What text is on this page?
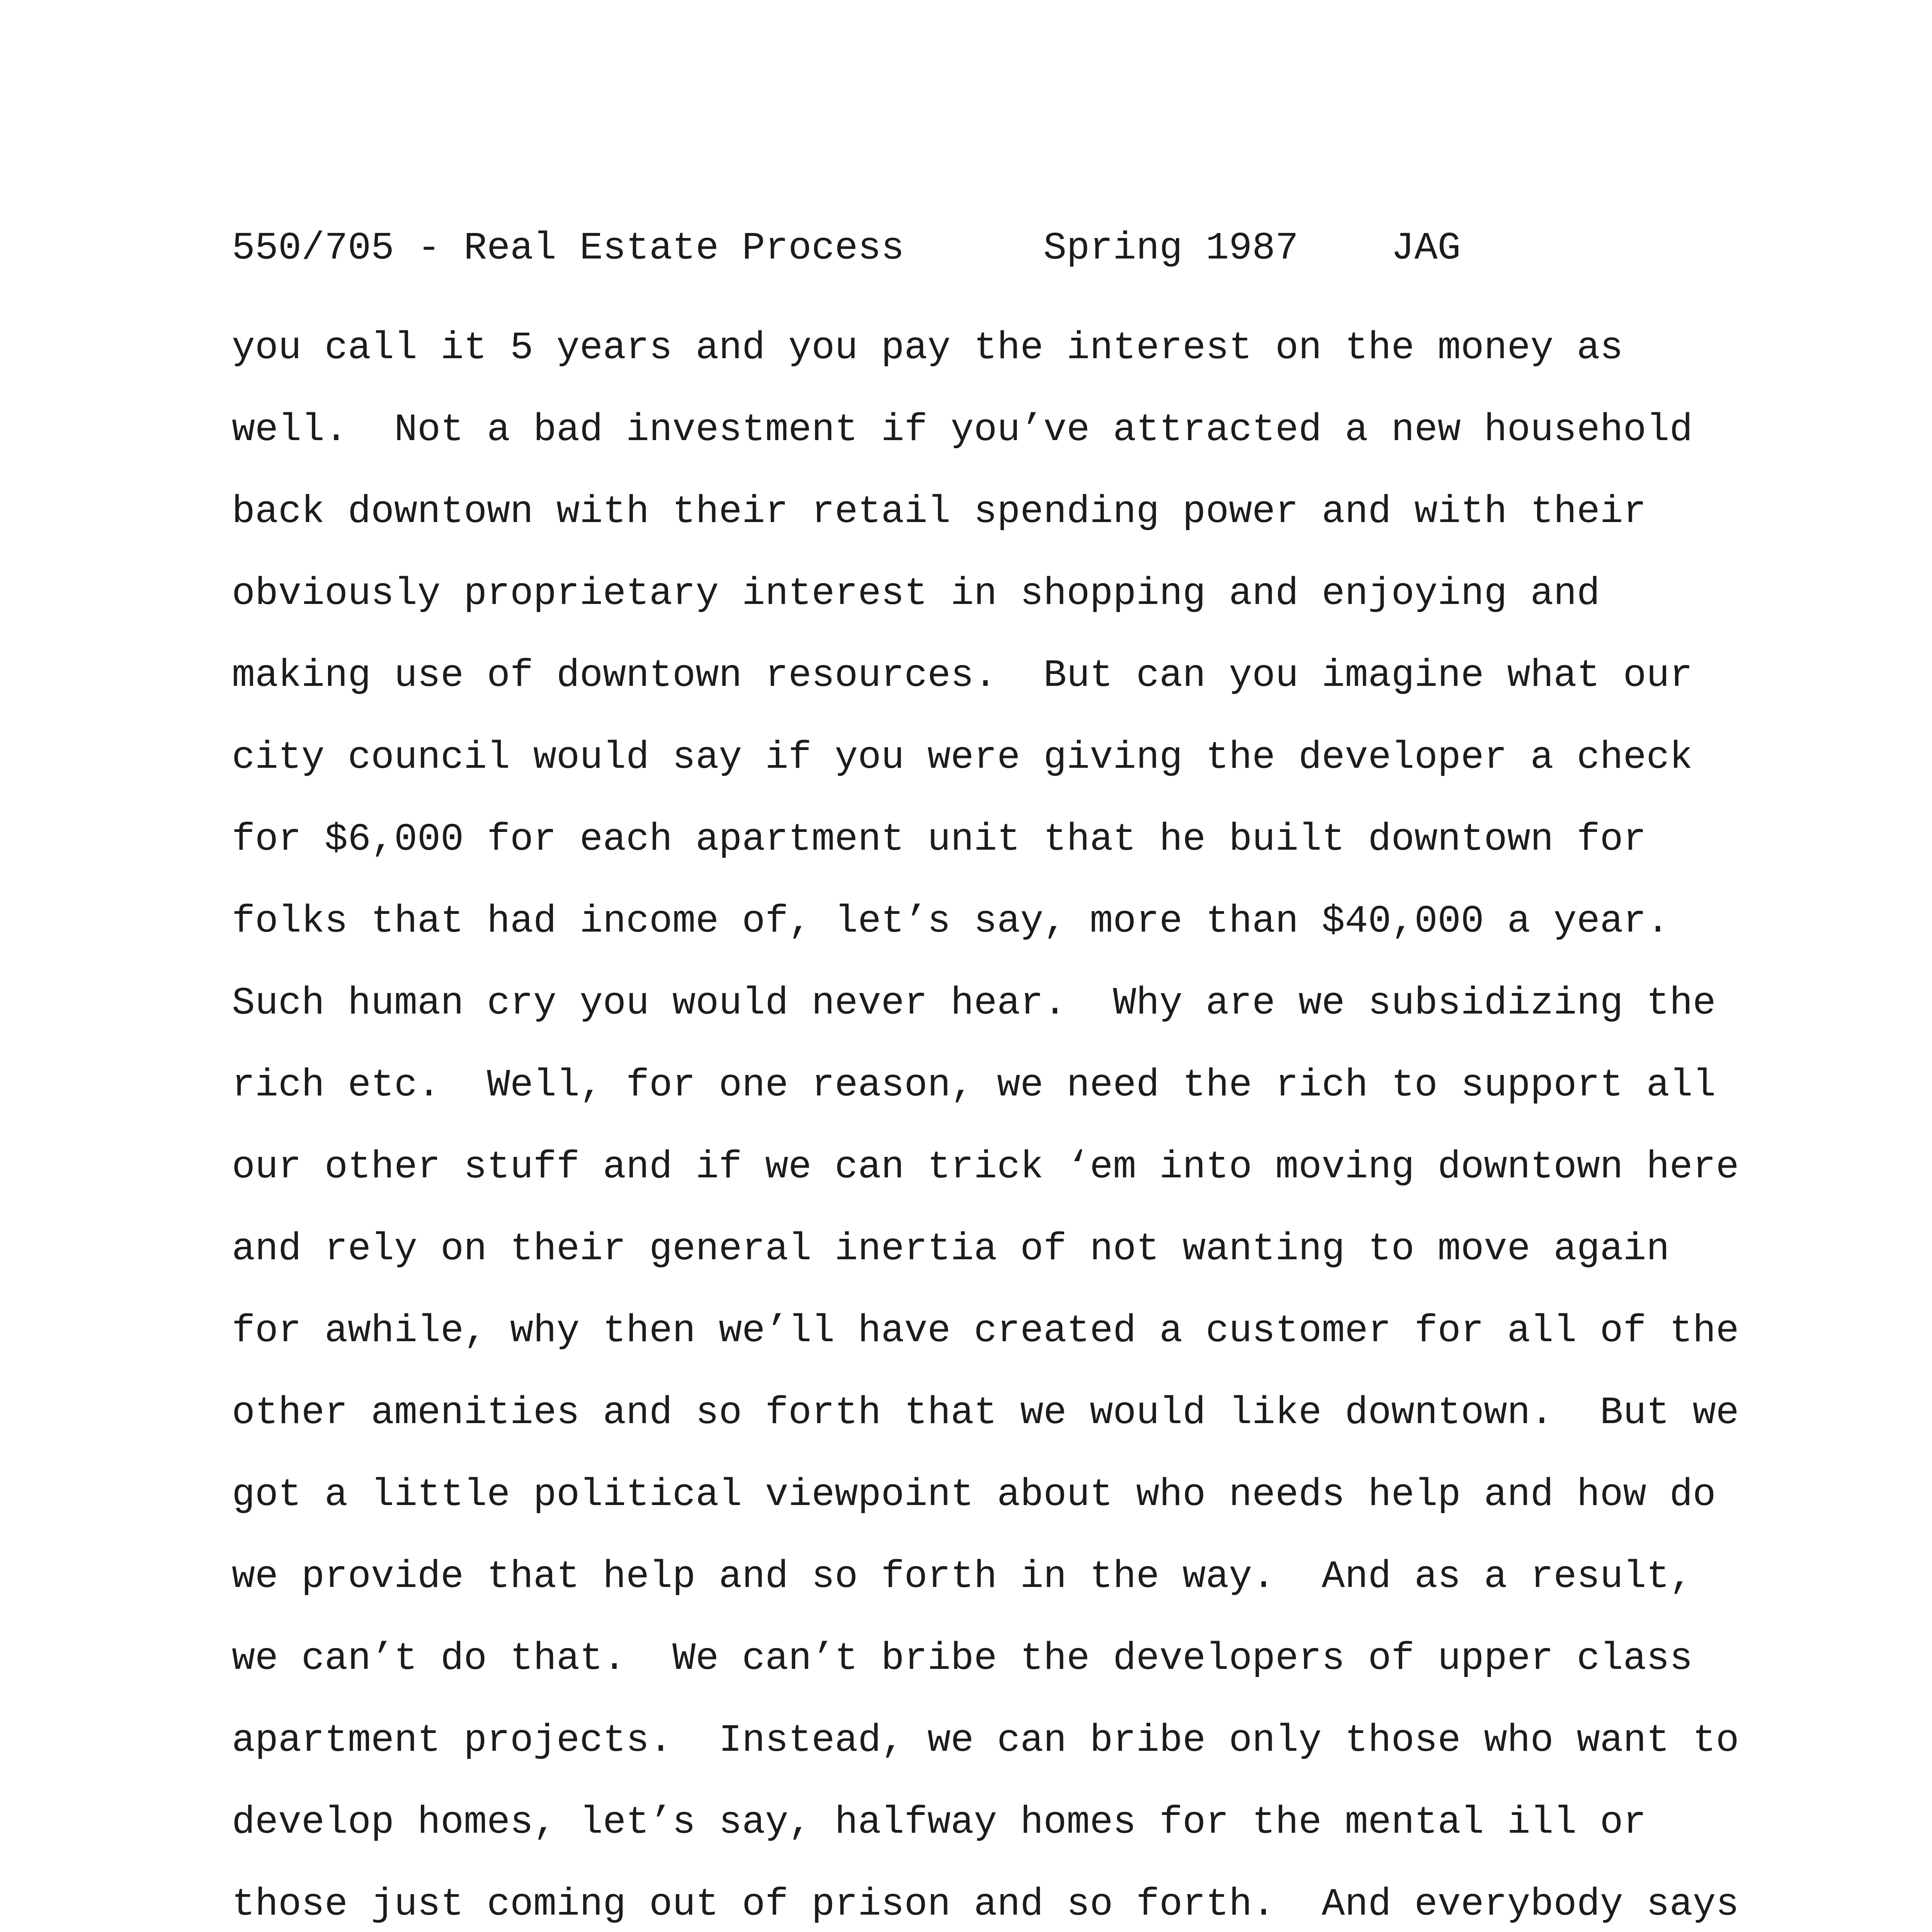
550/705 - Real Estate Process	Spring 1987 JAG
you call it 5 years and you pay the interest on the money as
well.  Not a bad investment if you’ve attracted a new household
back downtown with their retail spending power and with their
obviously proprietary interest in shopping and enjoying and
making use of downtown resources.  But can you imagine what our
city council would say if you were giving the developer a check
for $6,000 for each apartment unit that he built downtown for
folks that had income of, let’s say, more than $40,000 a year.
Such human cry you would never hear.  Why are we subsidizing the
rich etc.  Well, for one reason, we need the rich to support all
our other stuff and if we can trick ‘em into moving downtown here
and rely on their general inertia of not wanting to move again
for awhile, why then we’ll have created a customer for all of the
other amenities and so forth that we would like downtown.  But we
got a little political viewpoint about who needs help and how do
we provide that help and so forth in the way.  And as a result,
we can’t do that.  We can’t bribe the developers of upper class
apartment projects.  Instead, we can bribe only those who want to
develop homes, let’s say, halfway homes for the mental ill or
those just coming out of prison and so forth.  And everybody says
